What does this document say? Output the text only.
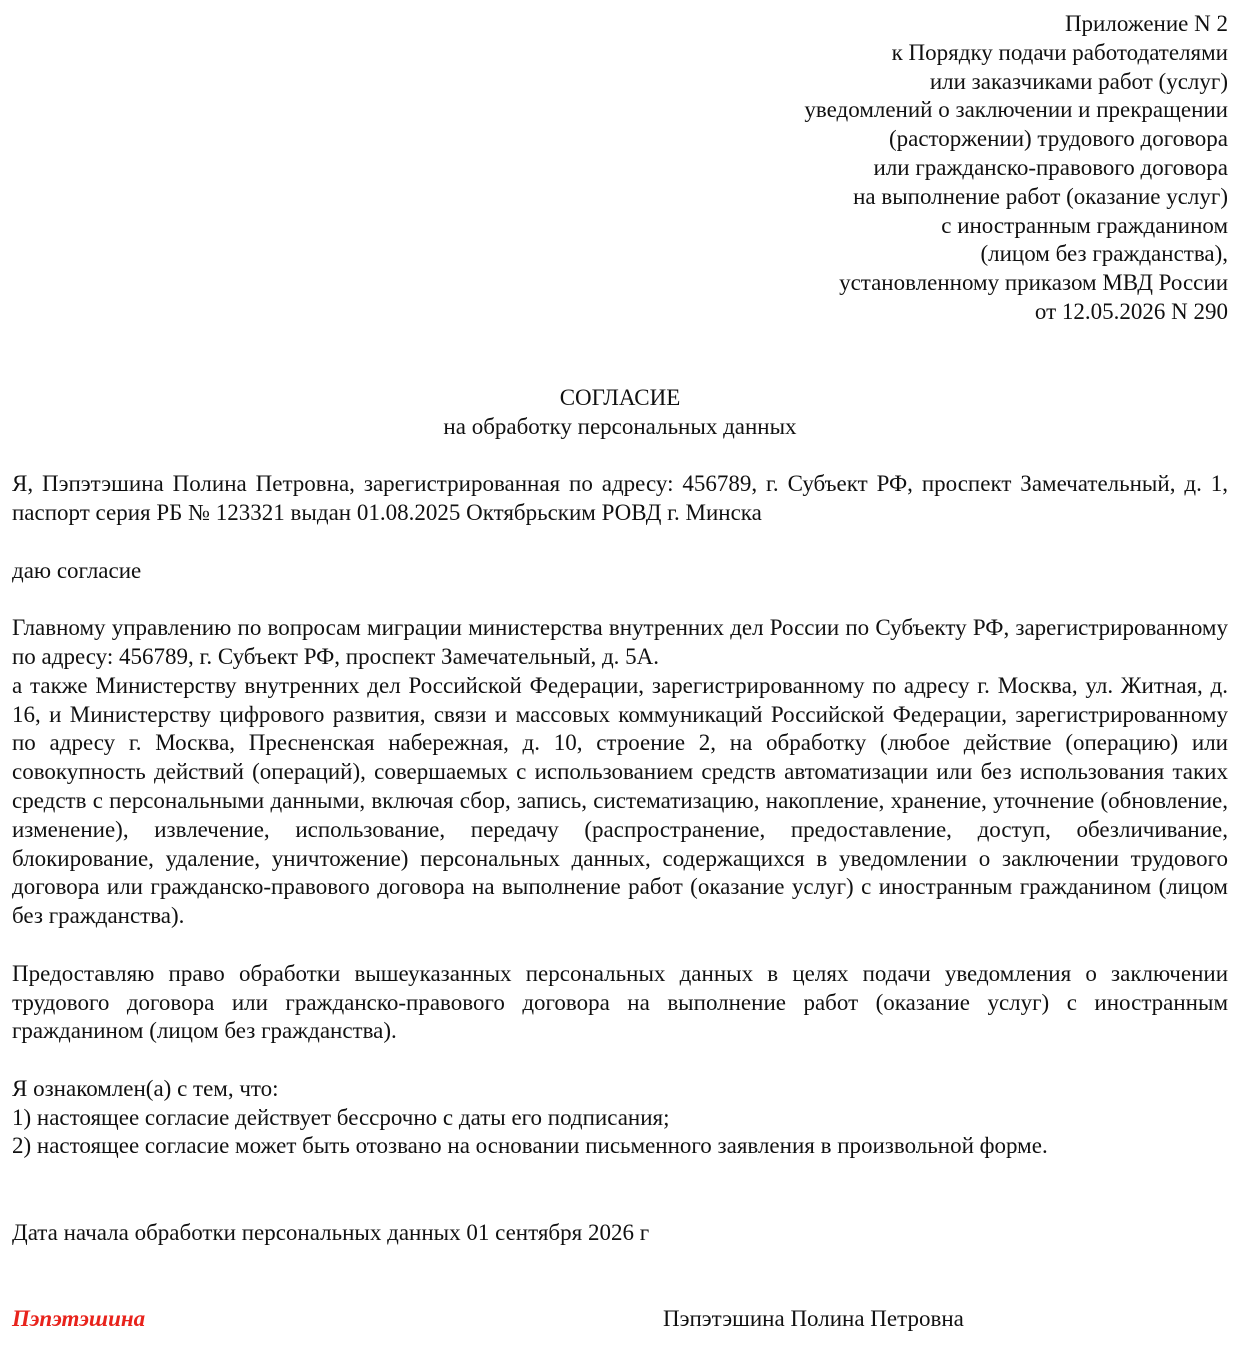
Приложение N 2
к Порядку подачи работодателями
или заказчиками работ (услуг)
уведомлений о заключении и прекращении
(расторжении) трудового договора
или гражданско-правового договора
на выполнение работ (оказание услуг)
с иностранным гражданином
(лицом без гражданства),
установленному приказом МВД России
от 12.05.2026 N 290
СОГЛАСИЕ
на обработку персональных данных

Я, Пэпэтэшина Полина Петровна, зарегистрированная по адресу: 456789, г. Субъект РФ, проспект Замечательный, д. 1, паспорт серия РБ № 123321 выдан 01.08.2025 Октябрьским РОВД г. Минска

даю согласие

Главному управлению по вопросам миграции министерства внутренних дел России по Субъекту РФ, зарегистрированному по адресу: 456789, г. Субъект РФ, проспект Замечательный, д. 5А.

а также Министерству внутренних дел Российской Федерации, зарегистрированному по адресу г. Москва, ул. Житная, д. 16, и Министерству цифрового развития, связи и массовых коммуникаций Российской Федерации, зарегистрированному по адресу г. Москва, Пресненская набережная, д. 10, строение 2, на обработку (любое действие (операцию) или совокупность действий (операций), совершаемых с использованием средств автоматизации или без использования таких средств с персональными данными, включая сбор, запись, систематизацию, накопление, хранение, уточнение (обновление, изменение), извлечение, использование, передачу (распространение, предоставление, доступ, обезличивание, блокирование, удаление, уничтожение) персональных данных, содержащихся в уведомлении о заключении трудового договора или гражданско-правового договора на выполнение работ (оказание услуг) с иностранным гражданином (лицом без гражданства).

Предоставляю право обработки вышеуказанных персональных данных в целях подачи уведомления о заключении трудового договора или гражданско-правового договора на выполнение работ (оказание услуг) с иностранным гражданином (лицом без гражданства).

Я ознакомлен(а) с тем, что:

1) настоящее согласие действует бессрочно с даты его подписания;

2) настоящее согласие может быть отозвано на основании письменного заявления в произвольной форме.

Дата начала обработки персональных данных 01 сентября 2026 г

Пэпэтэшина	Пэпэтэшина Полина Петровна
